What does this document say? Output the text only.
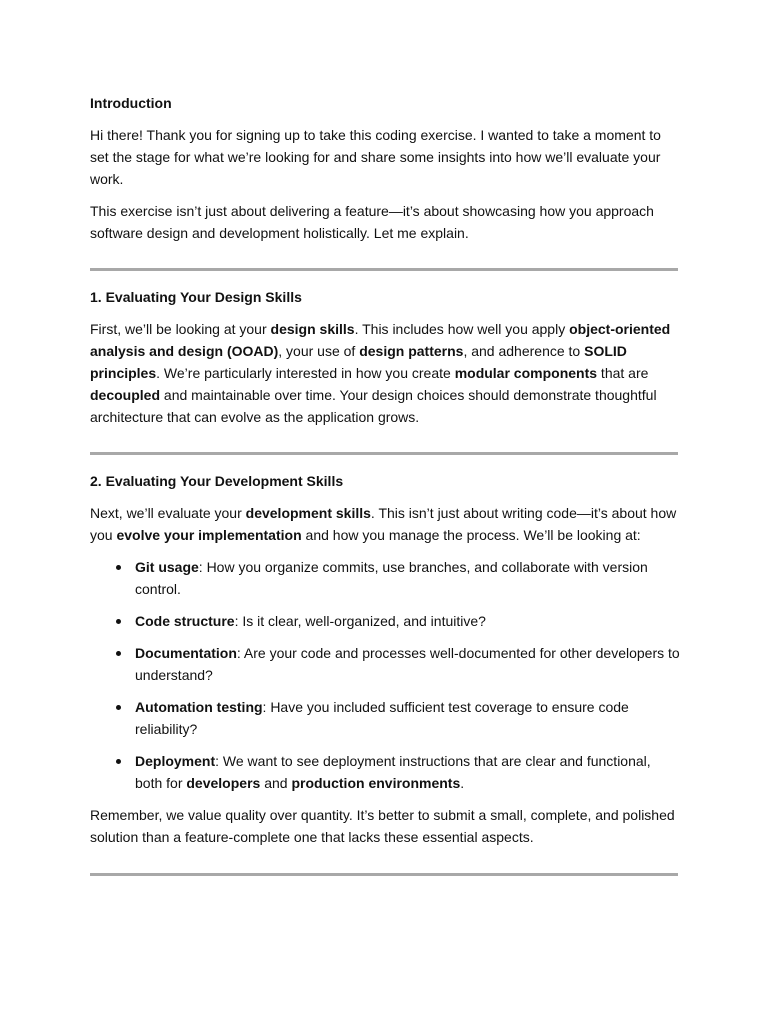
Introduction

Hi there! Thank you for signing up to take this coding exercise. I wanted to take a moment to set the stage for what we’re looking for and share some insights into how we’ll evaluate your work.

This exercise isn’t just about delivering a feature—it’s about showcasing how you approach software design and development holistically. Let me explain.

1. Evaluating Your Design Skills

First, we’ll be looking at your design skills. This includes how well you apply object-oriented analysis and design (OOAD), your use of design patterns, and adherence to SOLID principles. We’re particularly interested in how you create modular components that are decoupled and maintainable over time. Your design choices should demonstrate thoughtful architecture that can evolve as the application grows.

2. Evaluating Your Development Skills

Next, we’ll evaluate your development skills. This isn’t just about writing code—it’s about how you evolve your implementation and how you manage the process. We’ll be looking at:

Git usage: How you organize commits, use branches, and collaborate with version control.
Code structure: Is it clear, well-organized, and intuitive?
Documentation: Are your code and processes well-documented for other developers to understand?
Automation testing: Have you included sufficient test coverage to ensure code reliability?
Deployment: We want to see deployment instructions that are clear and functional, both for developers and production environments.

Remember, we value quality over quantity. It’s better to submit a small, complete, and polished solution than a feature-complete one that lacks these essential aspects.
